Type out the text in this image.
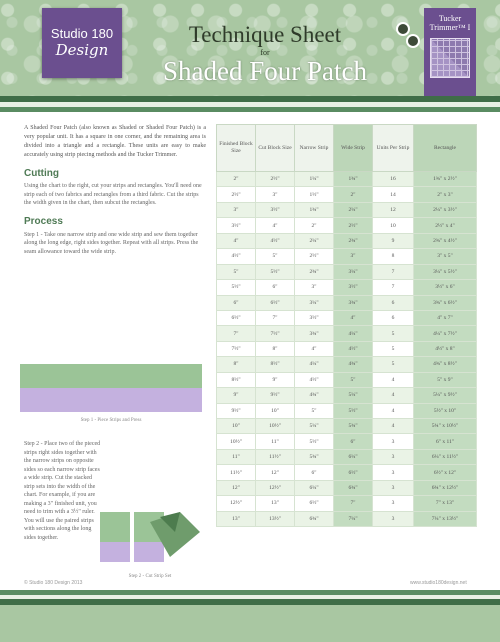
Studio 180
Design
Technique Sheet
for
Shaded Four Patch
Tucker
Trimmer™ I
A Shaded Four Patch (also known as Shaded or Shaded Four Patch) is a very popular unit. It has a square in one corner, and the remaining area is divided into a triangle and a rectangle. These units are easy to make accurately using strip piecing methods and the Tucker Trimmer.
Cutting
Using the chart to the right, cut your strips and rectangles. You'll need one strip each of two fabrics and rectangles from a third fabric. Cut the strips the width given in the chart, then subcut the rectangles.
Process
Step 1 - Take one narrow strip and one wide strip and sew them together along the long edge, right sides together. Repeat with all strips. Press the seam allowance toward the wide strip.
Step 1 - Piece Strips and Press
Step 2 - Place two of the pieced strips right sides together with the narrow strips on opposite sides so each narrow strip faces a wide strip. Cut the stacked strip sets into the width of the chart. For example, if you are making a 3" finished unit, you need to trim with a 3½" ruler. You will use the paired strips with sections along the long sides together.
Step 2 - Cut Strip Set
Finished Block Size	Cut Block Size	Narrow Strip	Wide Strip	Units Per Strip	Rectangle
2"	2½"	1¼"	1¾"	16	1¾" x 2½"
2½"	3"	1½"	2"	14	2" x 3"
3"	3½"	1¾"	2¼"	12	2¼" x 3½"
3½"	4"	2"	2½"	10	2½" x 4"
4"	4½"	2¼"	2¾"	9	2¾" x 4½"
4½"	5"	2½"	3"	8	3" x 5"
5"	5½"	2¾"	3¼"	7	3¼" x 5½"
5½"	6"	3"	3½"	7	3½" x 6"
6"	6½"	3¼"	3¾"	6	3¾" x 6½"
6½"	7"	3½"	4"	6	4" x 7"
7"	7½"	3¾"	4¼"	5	4¼" x 7½"
7½"	8"	4"	4½"	5	4½" x 8"
8"	8½"	4¼"	4¾"	5	4¾" x 8½"
8½"	9"	4½"	5"	4	5" x 9"
9"	9½"	4¾"	5¼"	4	5¼" x 9½"
9½"	10"	5"	5½"	4	5½" x 10"
10"	10½"	5¼"	5¾"	4	5¾" x 10½"
10½"	11"	5½"	6"	3	6" x 11"
11"	11½"	5¾"	6¼"	3	6¼" x 11½"
11½"	12"	6"	6½"	3	6½" x 12"
12"	12½"	6¼"	6¾"	3	6¾" x 12½"
12½"	13"	6½"	7"	3	7" x 13"
13"	13½"	6¾"	7¼"	3	7¼" x 13½"
© Studio 180 Design 2013	www.studio180design.net
